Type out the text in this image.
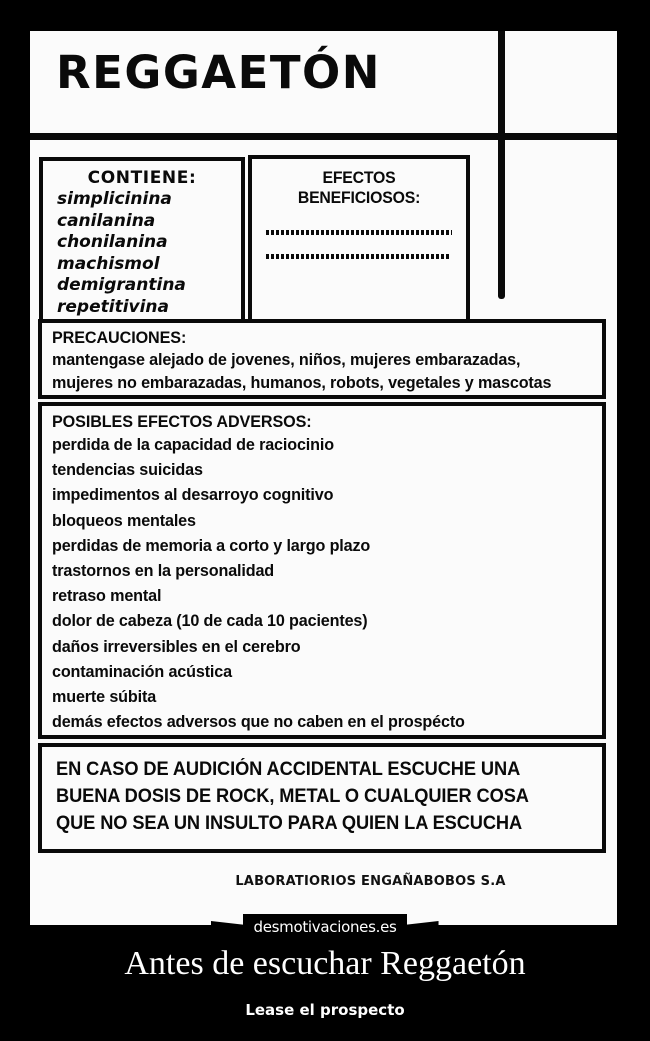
REGGAETÓN
CONTIENE:
simplicinina
canilanina
chonilanina
machismol
demigrantina
repetitivina
EFECTOS BENEFICIOSOS:
PRECAUCIONES:
mantengase alejado de jovenes, niños, mujeres embarazadas,
mujeres no embarazadas, humanos, robots, vegetales y mascotas
POSIBLES EFECTOS ADVERSOS:
perdida de la capacidad de raciocinio
tendencias suicidas
impedimentos al desarroyo cognitivo
bloqueos mentales
perdidas de memoria a corto y largo plazo
trastornos en la personalidad
retraso mental
dolor de cabeza (10 de cada 10 pacientes)
daños irreversibles en el cerebro
contaminación acústica
muerte súbita
demás efectos adversos que no caben en el prospécto
EN CASO DE AUDICIÓN ACCIDENTAL ESCUCHE UNA
BUENA DOSIS DE ROCK, METAL O CUALQUIER COSA
QUE NO SEA UN INSULTO PARA QUIEN LA ESCUCHA
LABORATIORIOS ENGAÑABOBOS S.A
desmotivaciones.es
Antes de escuchar Reggaetón
Lease el prospecto
